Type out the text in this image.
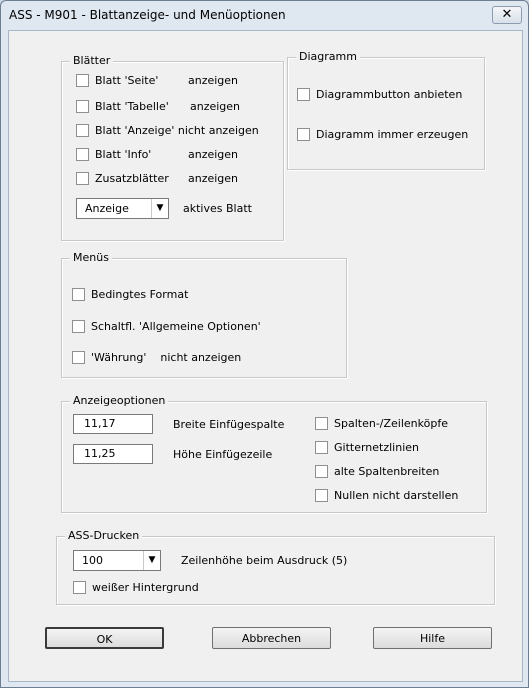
ASS - M901 - Blattanzeige- und Menüoptionen	✕
Blätter
Blatt 'Seite'	anzeigen
Blatt 'Tabelle' anzeigen
Blatt 'Anzeige' nicht anzeigen
Blatt 'Info'	anzeigen
Zusatzblätter anzeigen
Anzeige	▼	aktives Blatt
Diagramm
Diagrammbutton anbieten
Diagramm immer erzeugen
Menüs
Bedingtes Format
Schaltfl. 'Allgemeine Optionen'
'Währung'    nicht anzeigen
Anzeigeoptionen
11,17	Breite Einfügespalte
11,25	Höhe Einfügezeile
Spalten-/Zeilenköpfe
Gitternetzlinien
alte Spaltenbreiten
Nullen nicht darstellen
ASS-Drucken
100	▼	Zeilenhöhe beim Ausdruck (5)
weißer Hintergrund
OK	Abbrechen	Hilfe
